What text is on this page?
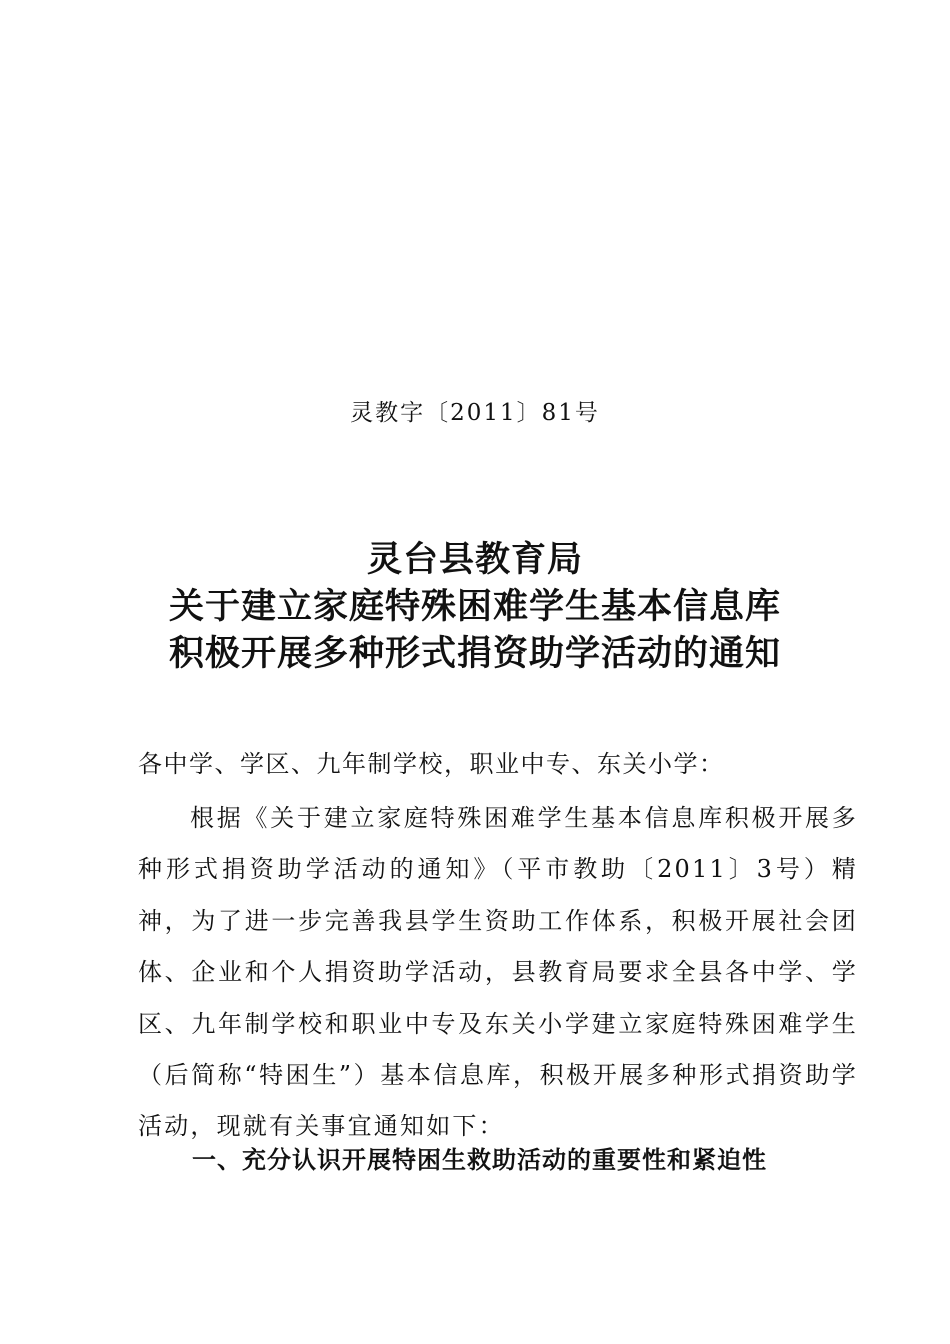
灵教字〔2011〕81号
灵台县教育局
关于建立家庭特殊困难学生基本信息库
积极开展多种形式捐资助学活动的通知
各中学、学区、九年制学校，职业中专、东关小学：

根据《关于建立家庭特殊困难学生基本信息库积极开展多种形式捐资助学活动的通知》（平市教助〔2011〕3号）精神，为了进一步完善我县学生资助工作体系，积极开展社会团体、企业和个人捐资助学活动，县教育局要求全县各中学、学区、九年制学校和职业中专及东关小学建立家庭特殊困难学生（后简称“特困生”）基本信息库，积极开展多种形式捐资助学活动，现就有关事宜通知如下：

一、充分认识开展特困生救助活动的重要性和紧迫性
